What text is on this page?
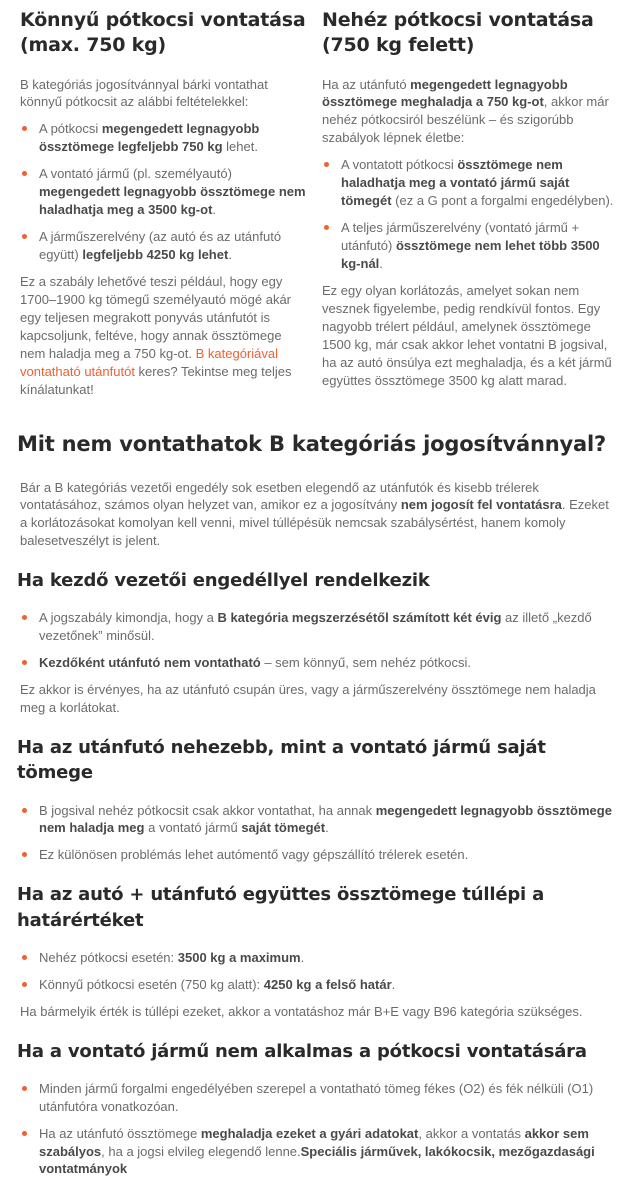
Könnyű pótkocsi vontatása (max. 750 kg)

B kategóriás jogosítvánnyal bárki vontathat könnyű pótkocsit az alábbi feltételekkel:

A pótkocsi megengedett legnagyobb össztömege legfeljebb 750 kg lehet.
A vontató jármű (pl. személyautó) megengedett legnagyobb össztömege nem haladhatja meg a 3500 kg-ot.
A járműszerelvény (az autó és az utánfutó együtt) legfeljebb 4250 kg lehet.

Ez a szabály lehetővé teszi például, hogy egy 1700–1900 kg tömegű személyautó mögé akár egy teljesen megrakott ponyvás utánfutót is kapcsoljunk, feltéve, hogy annak össztömege nem haladja meg a 750 kg-ot. B kategóriával vontatható utánfutót keres? Tekintse meg teljes kínálatunkat!

Nehéz pótkocsi vontatása (750 kg felett)

Ha az utánfutó megengedett legnagyobb össztömege meghaladja a 750 kg-ot, akkor már nehéz pótkocsiról beszélünk – és szigorúbb szabályok lépnek életbe:

A vontatott pótkocsi össztömege nem haladhatja meg a vontató jármű saját tömegét (ez a G pont a forgalmi engedélyben).
A teljes járműszerelvény (vontató jármű + utánfutó) össztömege nem lehet több 3500 kg-nál.

Ez egy olyan korlátozás, amelyet sokan nem vesznek figyelembe, pedig rendkívül fontos. Egy nagyobb trélert például, amelynek össztömege 1500 kg, már csak akkor lehet vontatni B jogsival, ha az autó önsúlya ezt meghaladja, és a két jármű együttes össztömege 3500 kg alatt marad.

Mit nem vontathatok B kategóriás jogosítvánnyal?

Bár a B kategóriás vezetői engedély sok esetben elegendő az utánfutók és kisebb trélerek vontatásához, számos olyan helyzet van, amikor ez a jogosítvány nem jogosít fel vontatásra. Ezeket a korlátozásokat komolyan kell venni, mivel túllépésük nemcsak szabálysértést, hanem komoly balesetveszélyt is jelent.

Ha kezdő vezetői engedéllyel rendelkezik
A jogszabály kimondja, hogy a B kategória megszerzésétől számított két évig az illető „kezdő vezetőnek” minősül.
Kezdőként utánfutó nem vontatható – sem könnyű, sem nehéz pótkocsi.

Ez akkor is érvényes, ha az utánfutó csupán üres, vagy a járműszerelvény össztömege nem haladja meg a korlátokat.

Ha az utánfutó nehezebb, mint a vontató jármű saját tömege
B jogsival nehéz pótkocsit csak akkor vontathat, ha annak megengedett legnagyobb össztömege nem haladja meg a vontató jármű saját tömegét.
Ez különösen problémás lehet autómentő vagy gépszállító trélerek esetén.
Ha az autó + utánfutó együttes össztömege túllépi a határértéket
Nehéz pótkocsi esetén: 3500 kg a maximum.
Könnyű pótkocsi esetén (750 kg alatt): 4250 kg a felső határ.

Ha bármelyik érték is túllépi ezeket, akkor a vontatáshoz már B+E vagy B96 kategória szükséges.

Ha a vontató jármű nem alkalmas a pótkocsi vontatására
Minden jármű forgalmi engedélyében szerepel a vontatható tömeg fékes (O2) és fék nélküli (O1) utánfutóra vonatkozóan.
Ha az utánfutó össztömege meghaladja ezeket a gyári adatokat, akkor a vontatás akkor sem szabályos, ha a jogsi elvileg elegendő lenne.Speciális járművek, lakókocsik, mezőgazdasági vontatmányok
